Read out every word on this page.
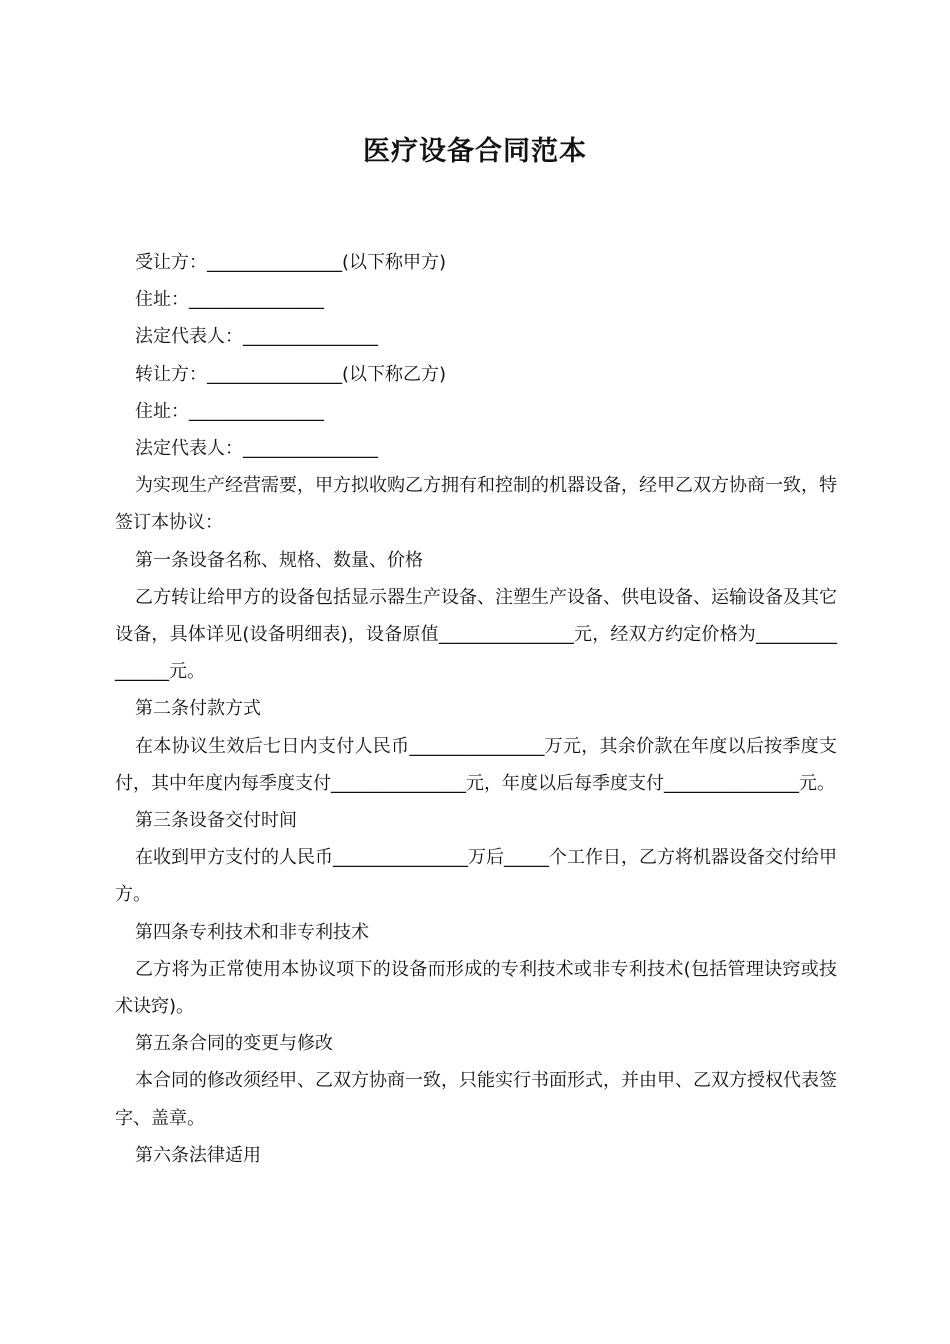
医疗设备合同范本

受让方：_______________(以下称甲方)

住址：_______________

法定代表人：_______________

转让方：_______________(以下称乙方)

住址：_______________

法定代表人：_______________

为实现生产经营需要，甲方拟收购乙方拥有和控制的机器设备，经甲乙双方协商一致，特签订本协议：

第一条设备名称、规格、数量、价格

乙方转让给甲方的设备包括显示器生产设备、注塑生产设备、供电设备、运输设备及其它设备，具体详见(设备明细表)，设备原值_______________元，经双方约定价格为_______________元。

第二条付款方式

在本协议生效后七日内支付人民币_______________万元，其余价款在年度以后按季度支付，其中年度内每季度支付_______________元，年度以后每季度支付_______________元。

第三条设备交付时间

在收到甲方支付的人民币_______________万后_____个工作日，乙方将机器设备交付给甲方。

第四条专利技术和非专利技术

乙方将为正常使用本协议项下的设备而形成的专利技术或非专利技术(包括管理诀窍或技术诀窍)。

第五条合同的变更与修改

本合同的修改须经甲、乙双方协商一致，只能实行书面形式，并由甲、乙双方授权代表签字、盖章。

第六条法律适用
